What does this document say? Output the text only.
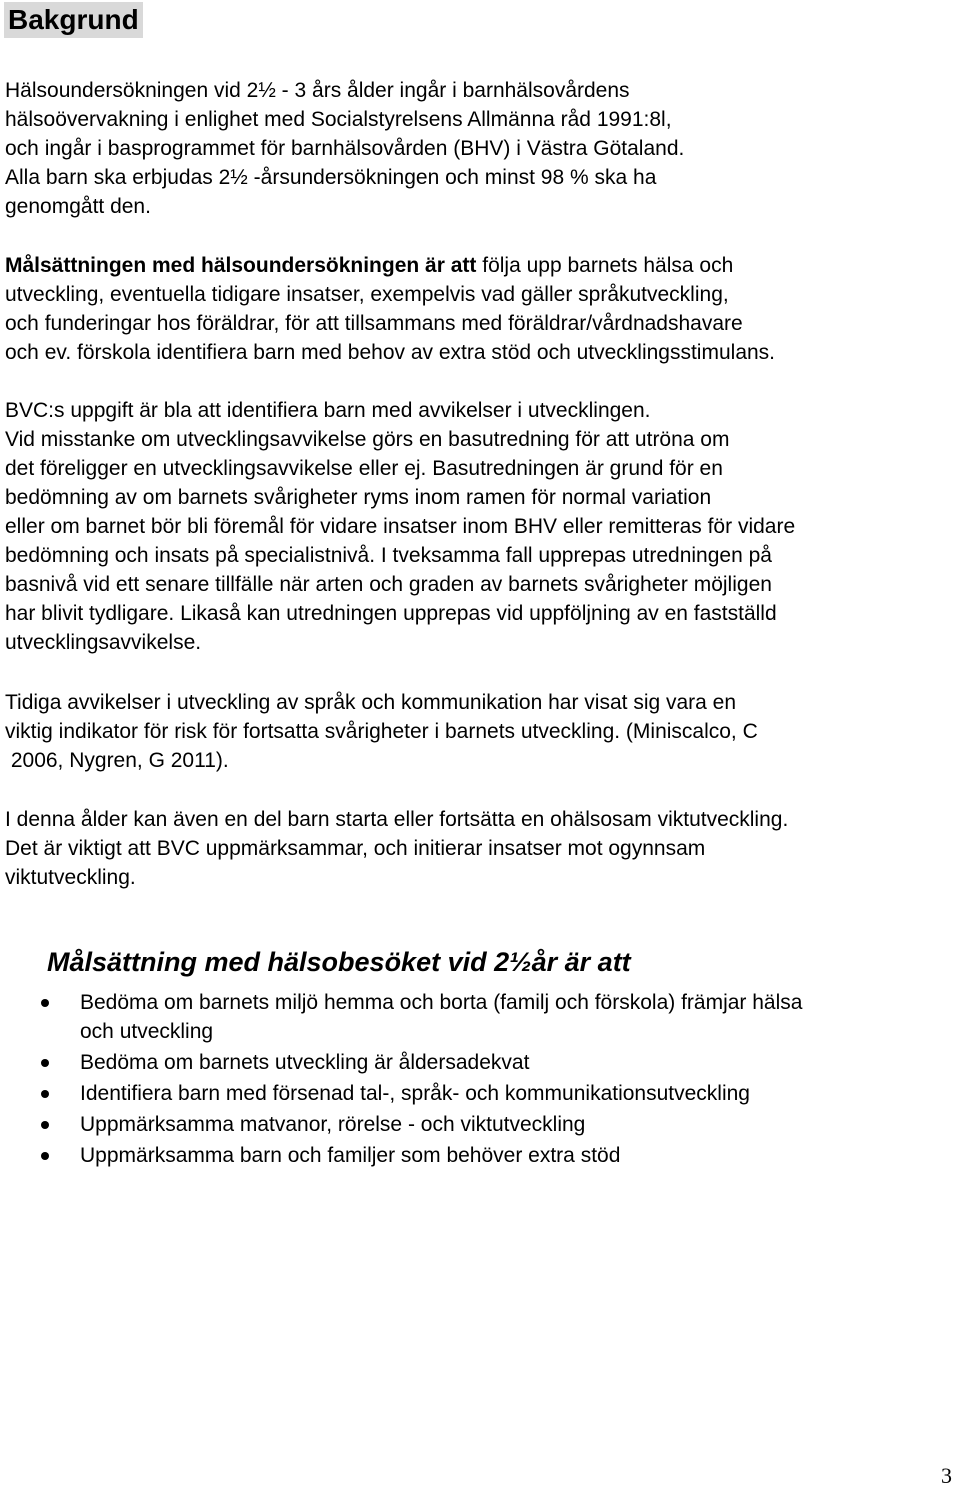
Bakgrund
Hälsoundersökningen vid 2½ - 3 års ålder ingår i barnhälsovårdens
hälsoövervakning i enlighet med Socialstyrelsens Allmänna råd 1991:8l,
och ingår i basprogrammet för barnhälsovården (BHV) i Västra Götaland.
Alla barn ska erbjudas 2½ -årsundersökningen och minst 98 % ska ha
genomgått den.
Målsättningen med hälsoundersökningen är att följa upp barnets hälsa och
utveckling, eventuella tidigare insatser, exempelvis vad gäller språkutveckling,
och funderingar hos föräldrar, för att tillsammans med föräldrar/vårdnadshavare
och ev. förskola identifiera barn med behov av extra stöd och utvecklingsstimulans.
BVC:s uppgift är bla att identifiera barn med avvikelser i utvecklingen.
Vid misstanke om utvecklingsavvikelse görs en basutredning för att utröna om
det föreligger en utvecklingsavvikelse eller ej. Basutredningen är grund för en
bedömning av om barnets svårigheter ryms inom ramen för normal variation
eller om barnet bör bli föremål för vidare insatser inom BHV eller remitteras för vidare
bedömning och insats på specialistnivå. I tveksamma fall upprepas utredningen på
basnivå vid ett senare tillfälle när arten och graden av barnets svårigheter möjligen
har blivit tydligare. Likaså kan utredningen upprepas vid uppföljning av en fastställd
utvecklingsavvikelse.
Tidiga avvikelser i utveckling av språk och kommunikation har visat sig vara en
viktig indikator för risk för fortsatta svårigheter i barnets utveckling. (Miniscalco, C
2006, Nygren, G 2011).
I denna ålder kan även en del barn starta eller fortsätta en ohälsosam viktutveckling.
Det är viktigt att BVC uppmärksammar, och initierar insatser mot ogynnsam
viktutveckling.
Målsättning med hälsobesöket vid 2½år är att
Bedöma om barnets miljö hemma och borta (familj och förskola) främjar hälsa
och utveckling
Bedöma om barnets utveckling är åldersadekvat
Identifiera barn med försenad tal-, språk- och kommunikationsutveckling
Uppmärksamma matvanor, rörelse - och viktutveckling
Uppmärksamma barn och familjer som behöver extra stöd
3
